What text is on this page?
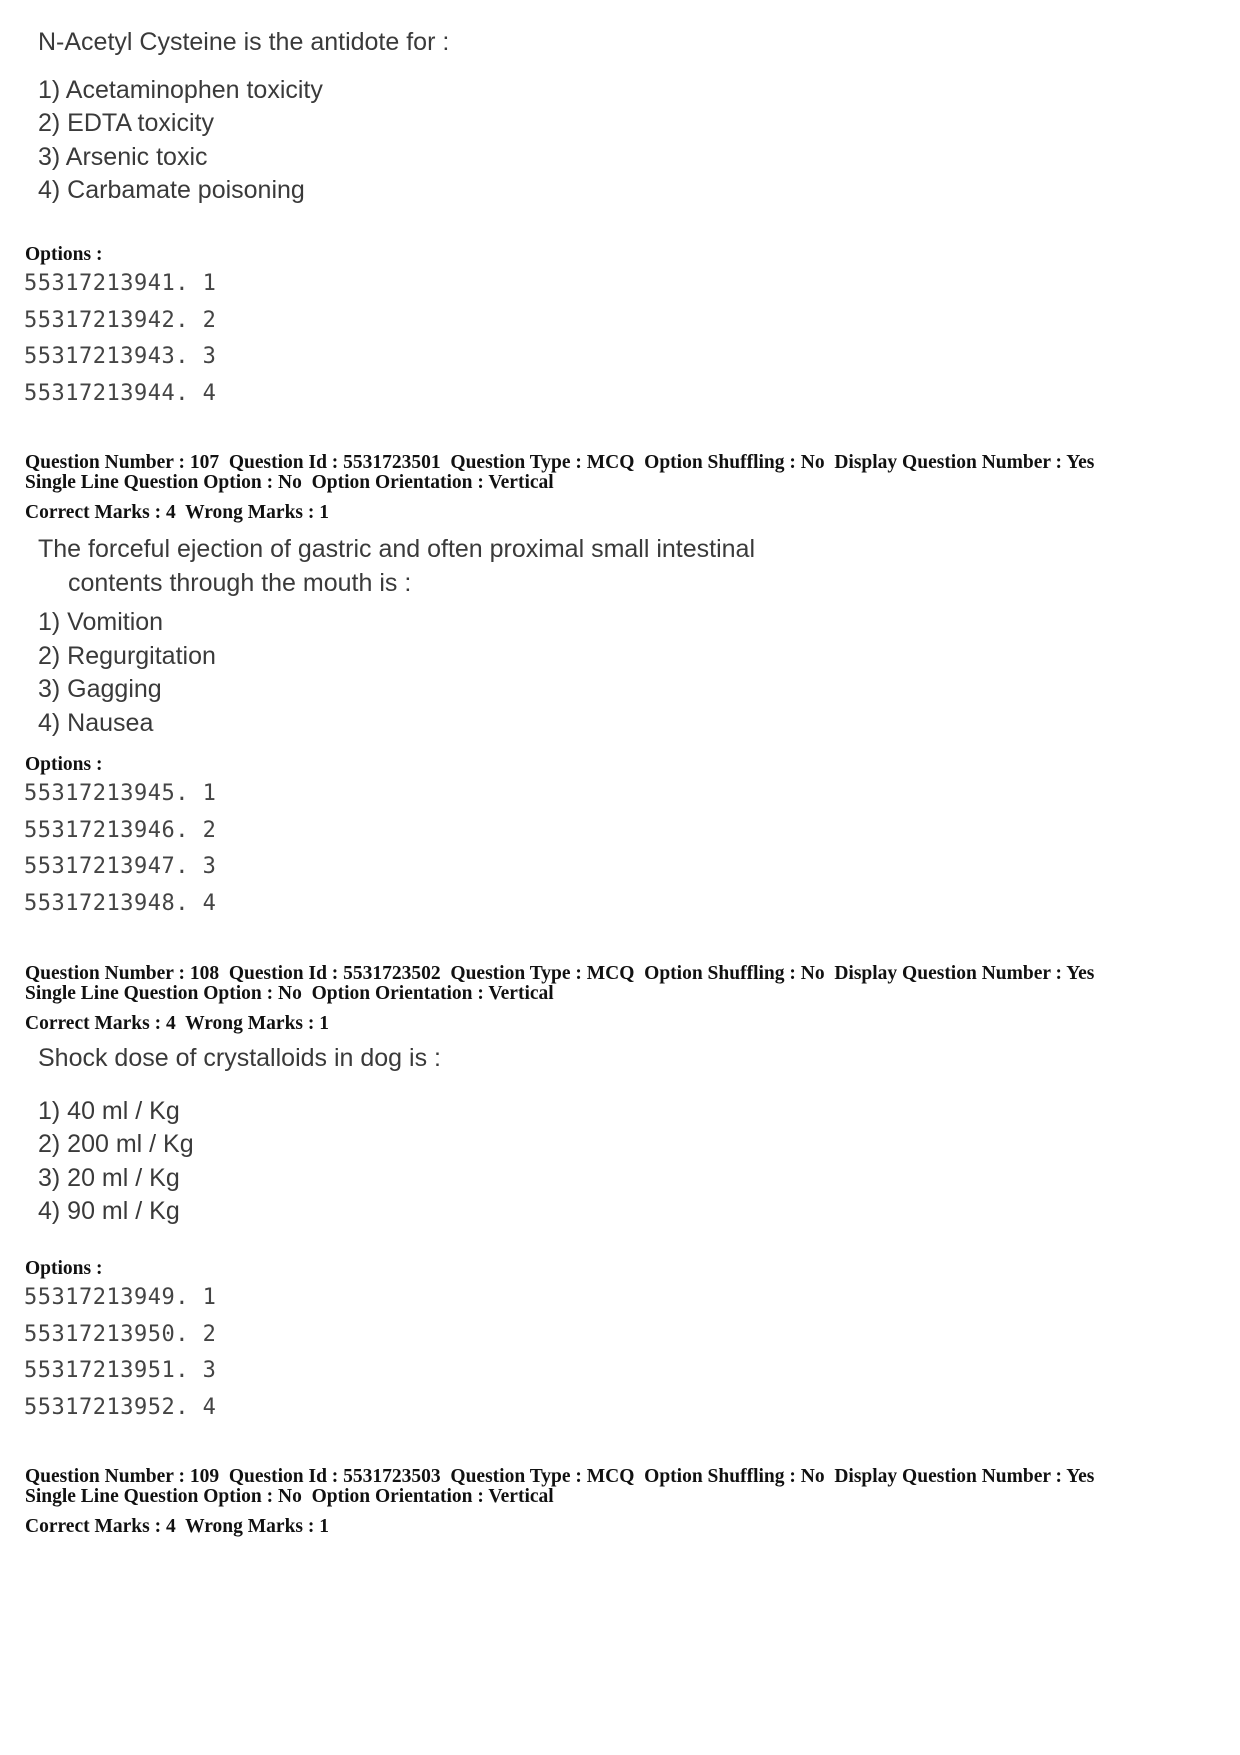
N-Acetyl Cysteine is the antidote for :

1) Acetaminophen toxicity
2) EDTA toxicity
3) Arsenic toxic
4) Carbamate poisoning
Options :
55317213941. 1
55317213942. 2
55317213943. 3
55317213944. 4
Question Number : 107  Question Id : 5531723501  Question Type : MCQ  Option Shuffling : No  Display Question Number : Yes
Single Line Question Option : No  Option Orientation : Vertical
Correct Marks : 4  Wrong Marks : 1

The forceful ejection of gastric and often proximal small intestinal
contents through the mouth is :

1) Vomition
2) Regurgitation
3) Gagging
4) Nausea
Options :
55317213945. 1
55317213946. 2
55317213947. 3
55317213948. 4
Question Number : 108  Question Id : 5531723502  Question Type : MCQ  Option Shuffling : No  Display Question Number : Yes
Single Line Question Option : No  Option Orientation : Vertical
Correct Marks : 4  Wrong Marks : 1

Shock dose of crystalloids in dog is :

1) 40 ml / Kg
2) 200 ml / Kg
3) 20 ml / Kg
4) 90 ml / Kg
Options :
55317213949. 1
55317213950. 2
55317213951. 3
55317213952. 4
Question Number : 109  Question Id : 5531723503  Question Type : MCQ  Option Shuffling : No  Display Question Number : Yes
Single Line Question Option : No  Option Orientation : Vertical
Correct Marks : 4  Wrong Marks : 1
